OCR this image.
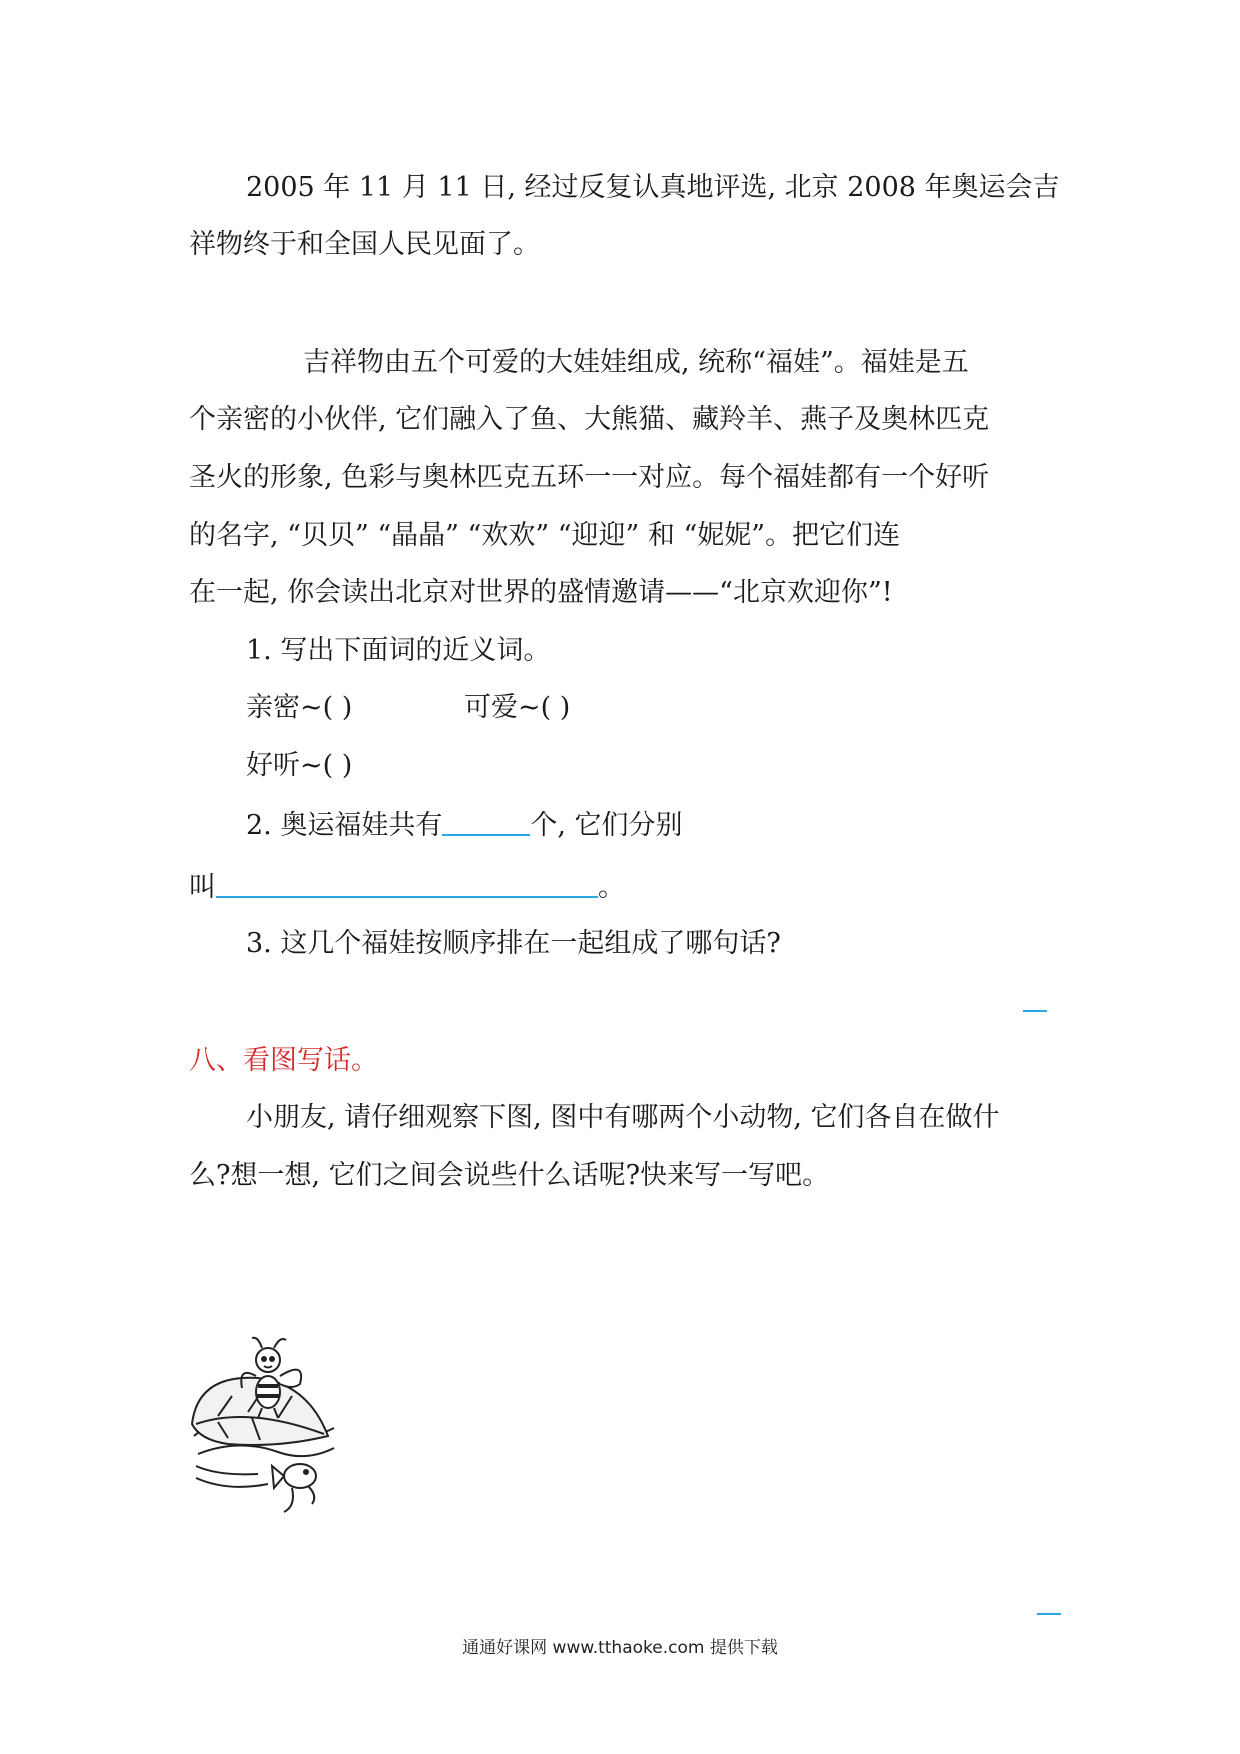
2005 年 11 月 11 日, 经过反复认真地评选, 北京 2008 年奥运会吉
祥物终于和全国人民见面了。
吉祥物由五个可爱的大娃娃组成, 统称“福娃”。福娃是五
个亲密的小伙伴, 它们融入了鱼、大熊猫、藏羚羊、燕子及奥林匹克
圣火的形象, 色彩与奥林匹克五环一一对应。每个福娃都有一个好听
的名字, “贝贝” “晶晶” “欢欢” “迎迎” 和 “妮妮”。把它们连
在一起, 你会读出北京对世界的盛情邀请——“北京欢迎你”!
1. 写出下面词的近义词。
亲密~( )	可爱~( )
好听~( )
2. 奥运福娃共有	个, 它们分别
叫	。
3. 这几个福娃按顺序排在一起组成了哪句话?
八、看图写话。
小朋友, 请仔细观察下图, 图中有哪两个小动物, 它们各自在做什
么?想一想, 它们之间会说些什么话呢?快来写一写吧。
通通好课网 www.tthaoke.com 提供下载
